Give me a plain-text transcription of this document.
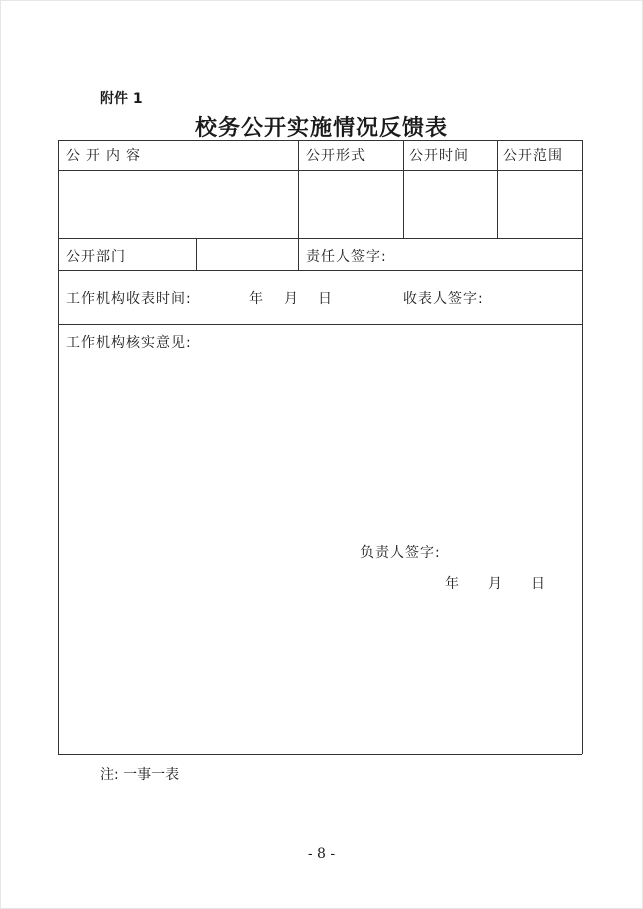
附件 1
校务公开实施情况反馈表
公开内容	公开形式	公开时间 公开范围
公开部门	责任人签字:
工作机构收表时间:	年 月 日	收表人签字:
工作机构核实意见:
负责人签字:
年 月 日
注: 一事一表
- 8 -
